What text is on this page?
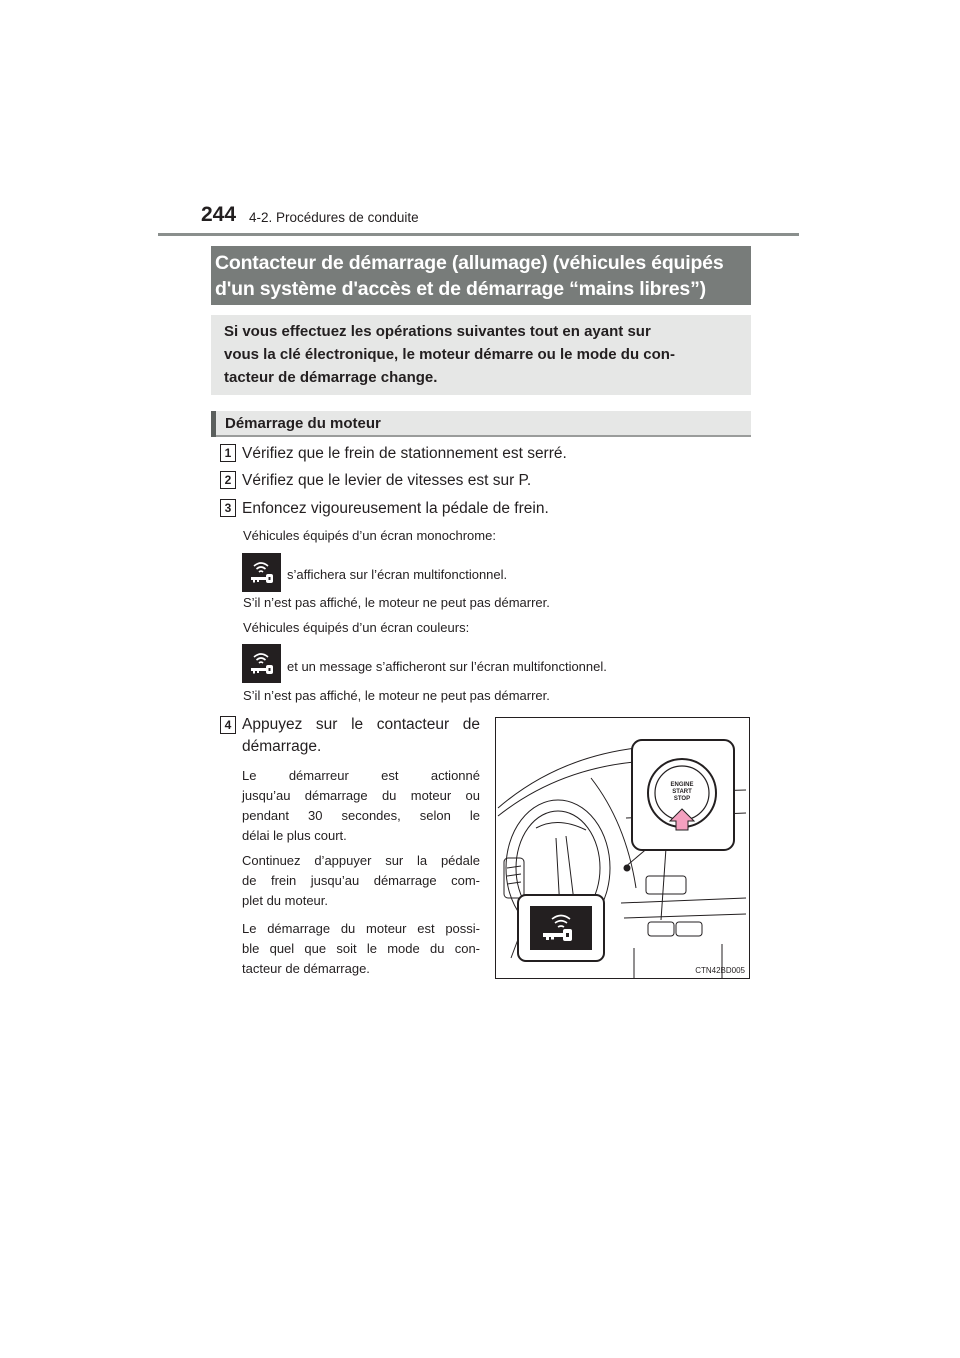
244 4-2. Procédures de conduite
Contacteur de démarrage (allumage) (véhicules équipés
d'un système d'accès et de démarrage “mains libres”)
Si vous effectuez les opérations suivantes tout en ayant sur
vous la clé électronique, le moteur démarre ou le mode du con-
tacteur de démarrage change.
Démarrage du moteur
1 Vérifiez que le frein de stationnement est serré.
2 Vérifiez que le levier de vitesses est sur P.
3 Enfoncez vigoureusement la pédale de frein.
Véhicules équipés d’un écran monochrome:
s’affichera sur l’écran multifonctionnel.
S’il n’est pas affiché, le moteur ne peut pas démarrer.
Véhicules équipés d’un écran couleurs:
et un message s’afficheront sur l’écran multifonctionnel.
S’il n’est pas affiché, le moteur ne peut pas démarrer.
4 Appuyez sur le contacteur de
démarrage.
Le démarreur est actionné
jusqu’au démarrage du moteur ou
pendant 30 secondes, selon le
délai le plus court.
Continuez d’appuyer sur la pédale
de frein jusqu’au démarrage com-
plet du moteur.
Le démarrage du moteur est possi-
ble quel que soit le mode du con-
tacteur de démarrage.
ENGINE
START
STOP
CTN42BD005
